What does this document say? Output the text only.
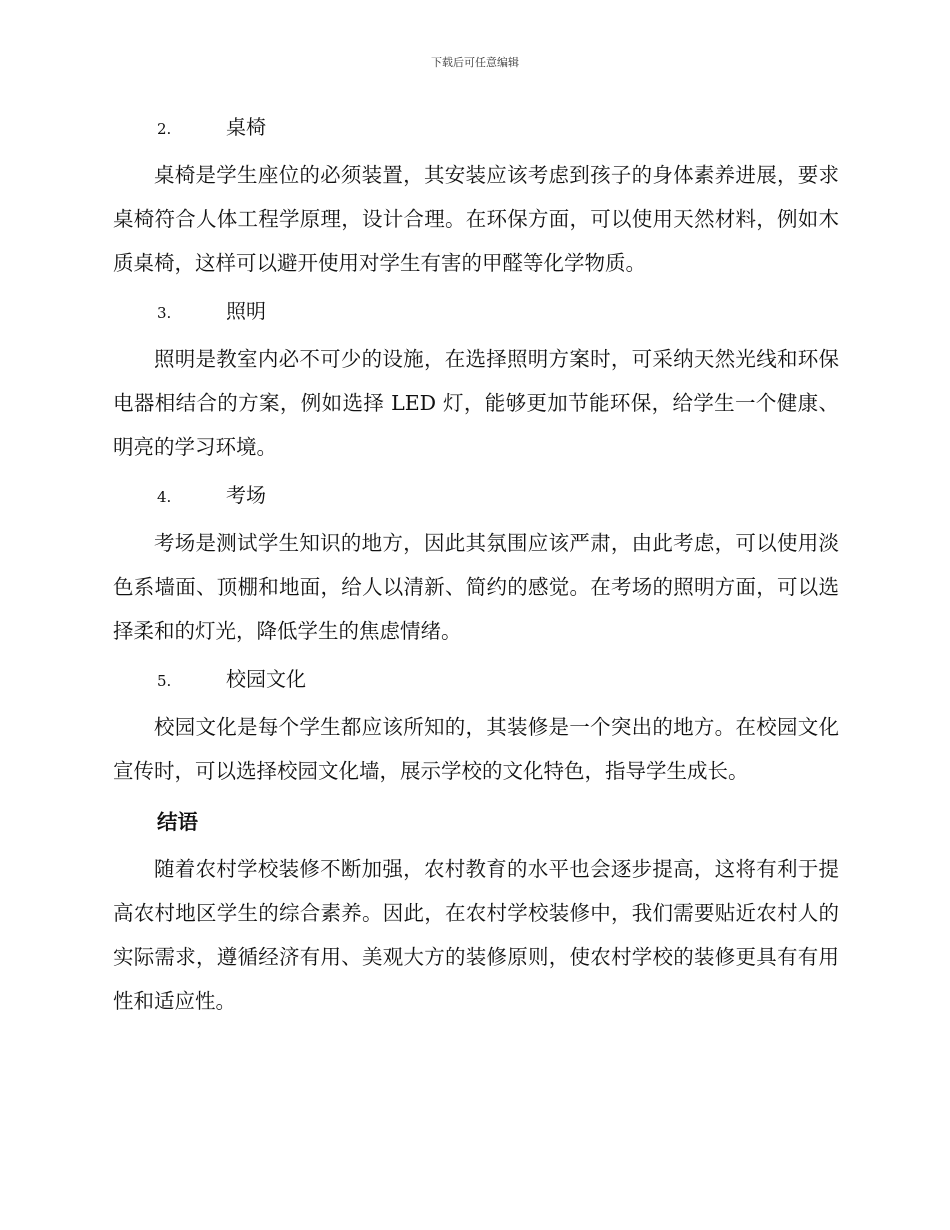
下载后可任意编辑
2.	桌椅

桌椅是学生座位的必须装置，其安装应该考虑到孩子的身体素养进展，要求桌椅符合人体工程学原理，设计合理。在环保方面，可以使用天然材料，例如木质桌椅，这样可以避开使用对学生有害的甲醛等化学物质。

3.	照明

照明是教室内必不可少的设施，在选择照明方案时，可采纳天然光线和环保电器相结合的方案，例如选择 LED 灯，能够更加节能环保，给学生一个健康、明亮的学习环境。

4.	考场

考场是测试学生知识的地方，因此其氛围应该严肃，由此考虑，可以使用淡色系墙面、顶棚和地面，给人以清新、简约的感觉。在考场的照明方面，可以选择柔和的灯光，降低学生的焦虑情绪。

5.	校园文化

校园文化是每个学生都应该所知的，其装修是一个突出的地方。在校园文化宣传时，可以选择校园文化墙，展示学校的文化特色，指导学生成长。

结语

随着农村学校装修不断加强，农村教育的水平也会逐步提高，这将有利于提高农村地区学生的综合素养。因此，在农村学校装修中，我们需要贴近农村人的实际需求，遵循经济有用、美观大方的装修原则，使农村学校的装修更具有有用性和适应性。
